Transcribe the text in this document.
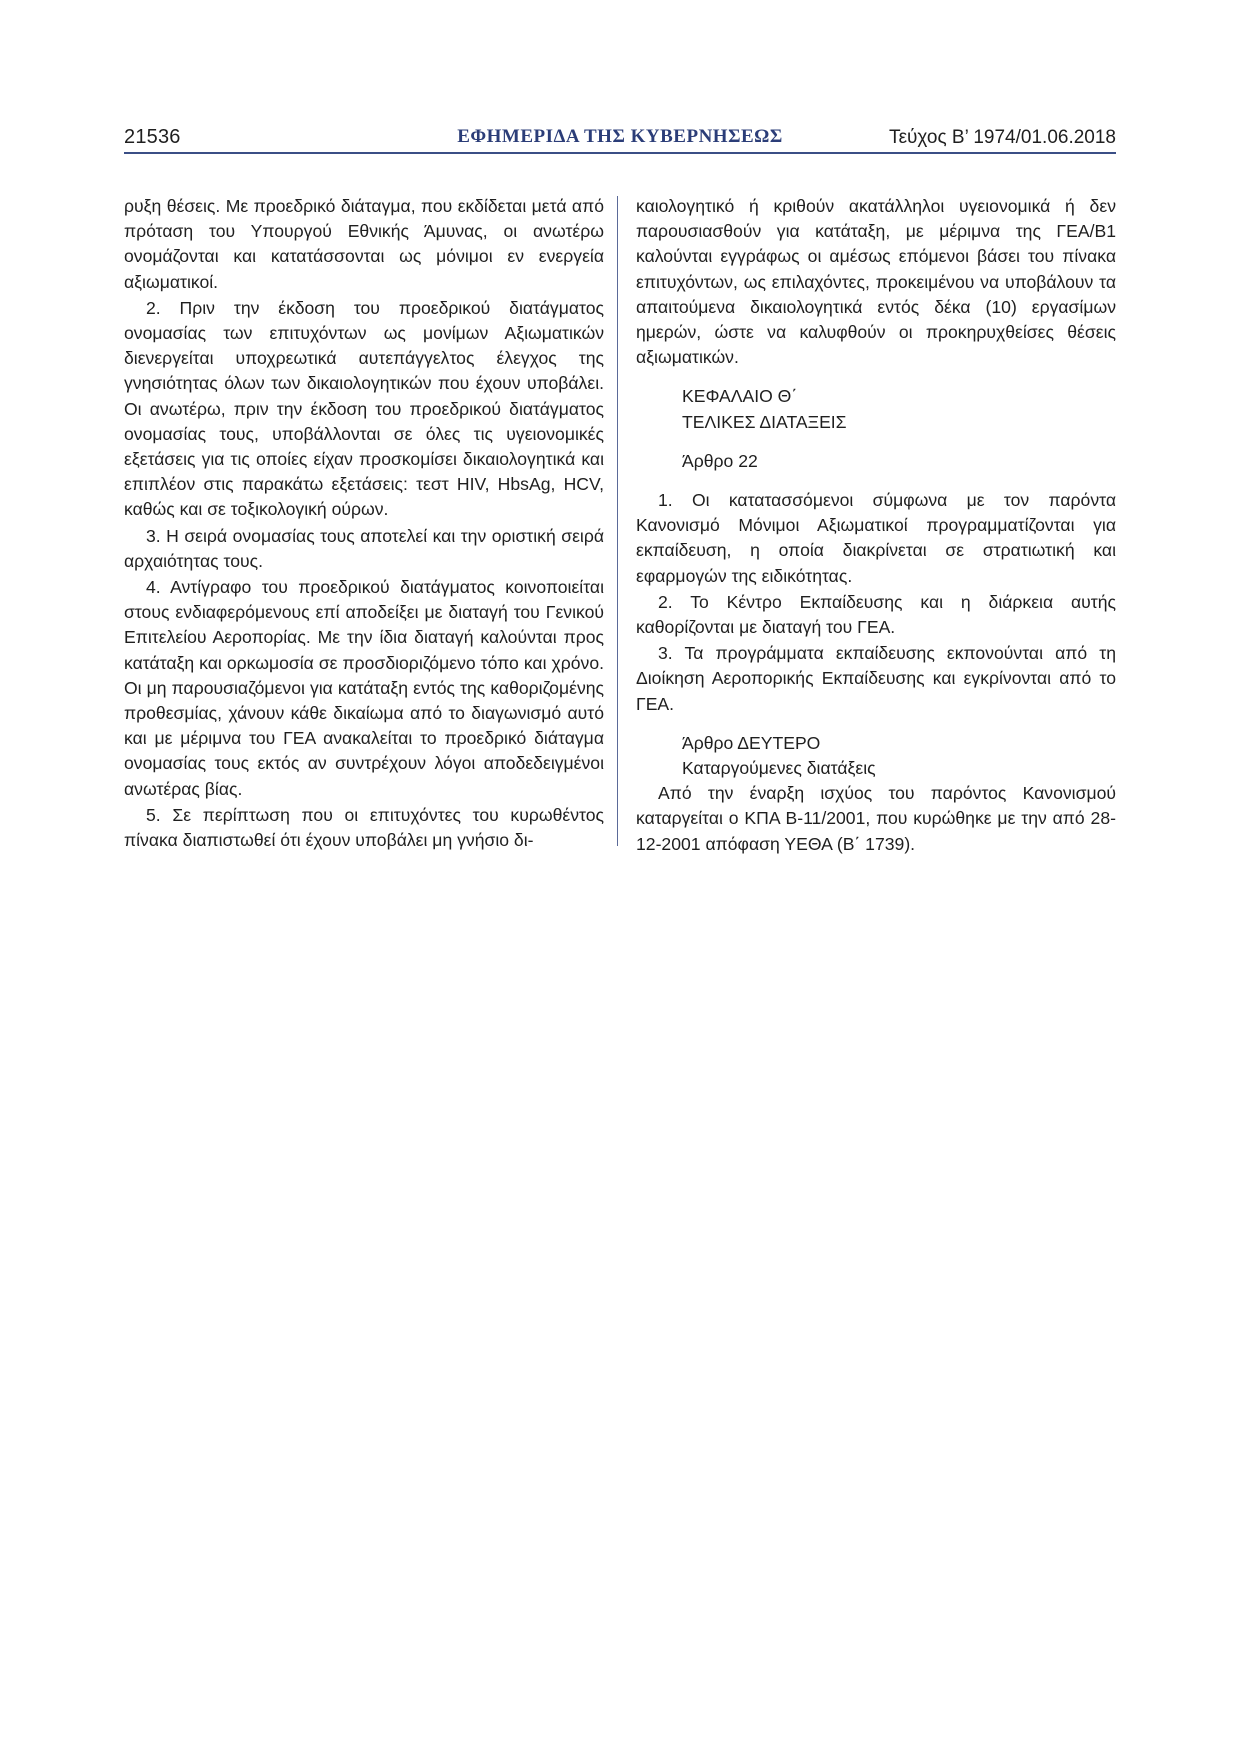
21536	ΕΦΗΜΕΡΙΔΑ ΤΗΣ ΚΥΒΕΡΝΗΣΕΩΣ	Τεύχος Β’ 1974/01.06.2018

ρυξη θέσεις. Με προεδρικό διάταγμα, που εκδίδεται μετά από πρόταση του Υπουργού Εθνικής Άμυνας, οι ανωτέρω ονομάζονται και κατατάσσονται ως μόνιμοι εν ενεργεία αξιωματικοί.

2. Πριν την έκδοση του προεδρικού διατάγματος ονομασίας των επιτυχόντων ως μονίμων Αξιωματικών διενεργείται υποχρεωτικά αυτεπάγγελτος έλεγχος της γνησιότητας όλων των δικαιολογητικών που έχουν υποβάλει. Οι ανωτέρω, πριν την έκδοση του προεδρικού διατάγματος ονομασίας τους, υποβάλλονται σε όλες τις υγειονομικές εξετάσεις για τις οποίες είχαν προσκομίσει δικαιολογητικά και επιπλέον στις παρακάτω εξετάσεις: τεστ HIV, HbsAg, HCV, καθώς και σε τοξικολογική ούρων.

3. Η σειρά ονομασίας τους αποτελεί και την οριστική σειρά αρχαιότητας τους.

4. Αντίγραφο του προεδρικού διατάγματος κοινοποιείται στους ενδιαφερόμενους επί αποδείξει με διαταγή του Γενικού Επιτελείου Αεροπορίας. Με την ίδια διαταγή καλούνται προς κατάταξη και ορκωμοσία σε προσδιοριζόμενο τόπο και χρόνο. Οι μη παρουσιαζόμενοι για κατάταξη εντός της καθοριζομένης προθεσμίας, χάνουν κάθε δικαίωμα από το διαγωνισμό αυτό και με μέριμνα του ΓΕΑ ανακαλείται το προεδρικό διάταγμα ονομασίας τους εκτός αν συντρέχουν λόγοι αποδεδειγμένοι ανωτέρας βίας.

5. Σε περίπτωση που οι επιτυχόντες του κυρωθέντος πίνακα διαπιστωθεί ότι έχουν υποβάλει μη γνήσιο δι-

καιολογητικό ή κριθούν ακατάλληλοι υγειονομικά ή δεν παρουσιασθούν για κατάταξη, με μέριμνα της ΓΕΑ/Β1 καλούνται εγγράφως οι αμέσως επόμενοι βάσει του πίνακα επιτυχόντων, ως επιλαχόντες, προκειμένου να υποβάλουν τα απαιτούμενα δικαιολογητικά εντός δέκα (10) εργασίμων ημερών, ώστε να καλυφθούν οι προκηρυχθείσες θέσεις αξιωματικών.

ΚΕΦΑΛΑΙΟ Θ΄

ΤΕΛΙΚΕΣ ΔΙΑΤΑΞΕΙΣ

Άρθρο 22

1. Οι κατατασσόμενοι σύμφωνα με τον παρόντα Κανονισμό Μόνιμοι Αξιωματικοί προγραμματίζονται για εκπαίδευση, η οποία διακρίνεται σε στρατιωτική και εφαρμογών της ειδικότητας.

2. Το Κέντρο Εκπαίδευσης και η διάρκεια αυτής καθορίζονται με διαταγή του ΓΕΑ.

3. Τα προγράμματα εκπαίδευσης εκπονούνται από τη Διοίκηση Αεροπορικής Εκπαίδευσης και εγκρίνονται από το ΓΕΑ.

Άρθρο ΔΕΥΤΕΡΟ

Καταργούμενες διατάξεις

Από την έναρξη ισχύος του παρόντος Κανονισμού καταργείται ο ΚΠΑ Β-11/2001, που κυρώθηκε με την από 28-12-2001 απόφαση ΥΕΘΑ (Β΄ 1739).
